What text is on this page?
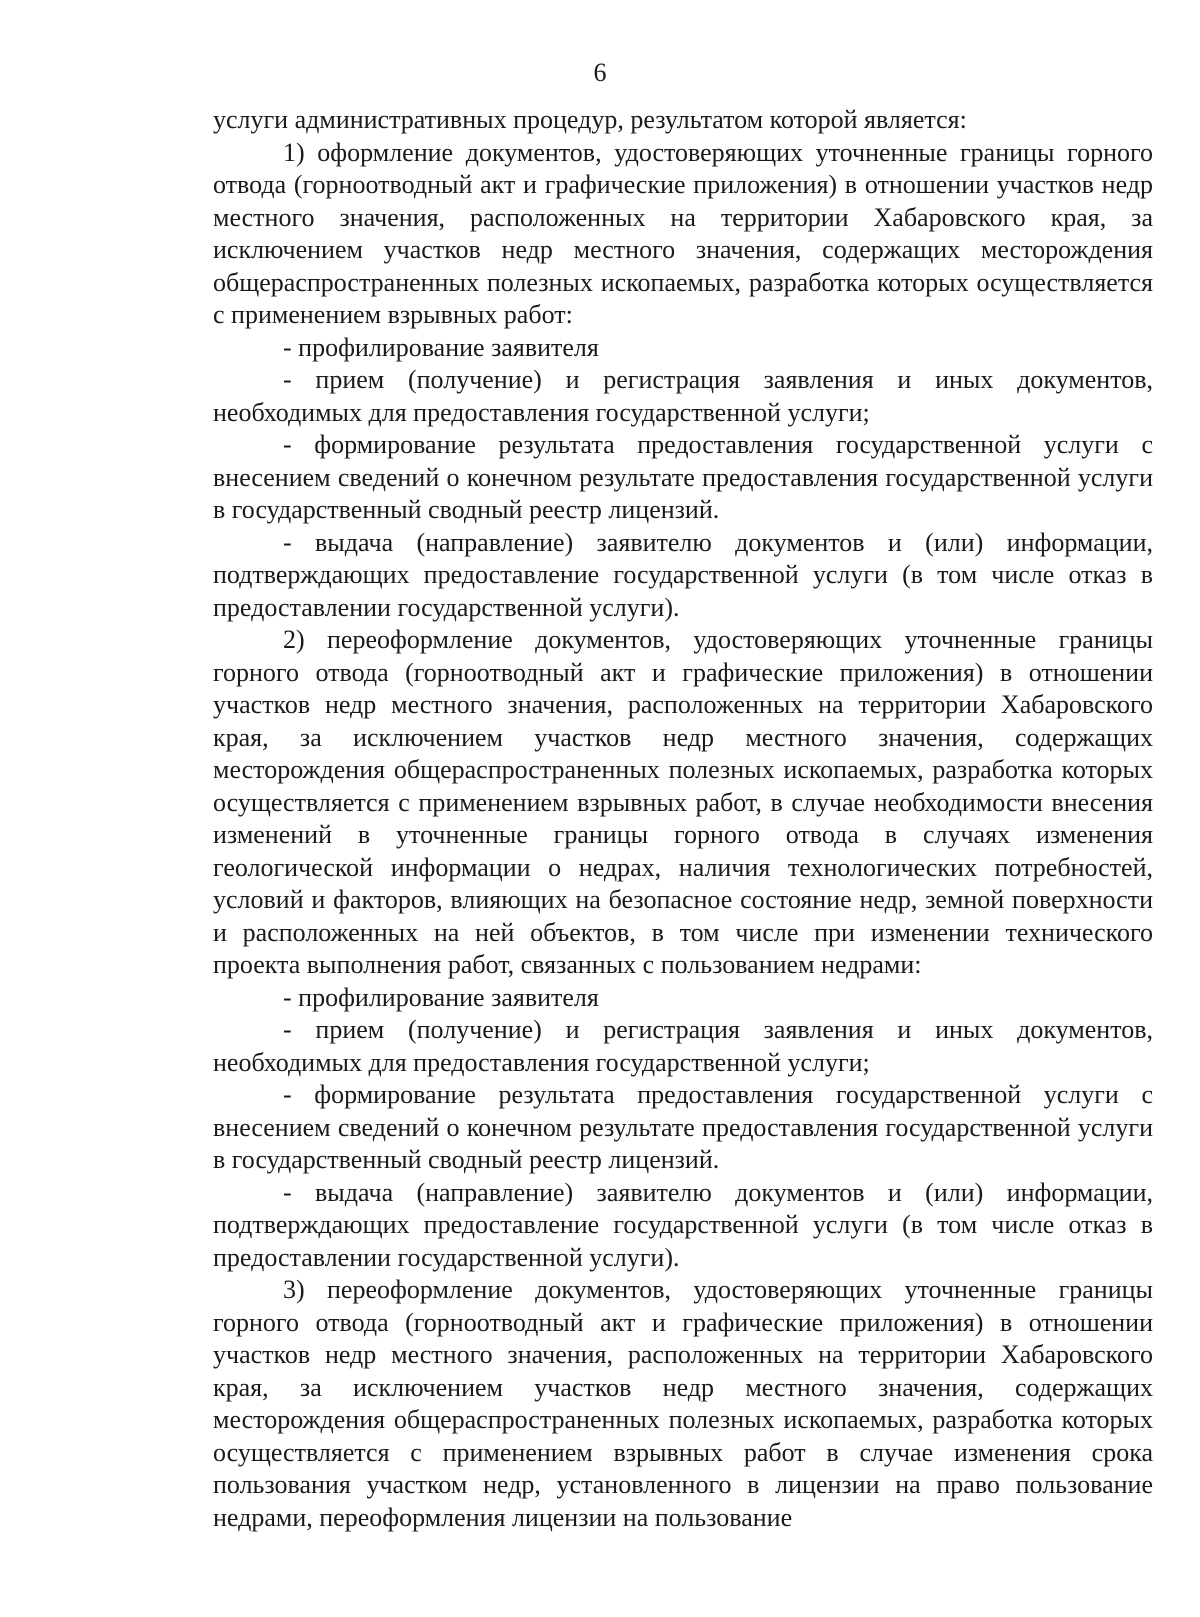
6

услуги административных процедур, результатом которой является:

1) оформление документов, удостоверяющих уточненные границы горного отвода (горноотводный акт и графические приложения) в отношении участков недр местного значения, расположенных на территории Хабаровского края, за исключением участков недр местного значения, содержащих месторождения общераспространенных полезных ископаемых, разработка которых осуществляется с применением взрывных работ:

- профилирование заявителя

- прием (получение) и регистрация заявления и иных документов, необходимых для предоставления государственной услуги;

- формирование результата предоставления государственной услуги с внесением сведений о конечном результате предоставления государственной услуги в государственный сводный реестр лицензий.

- выдача (направление) заявителю документов и (или) информации, подтверждающих предоставление государственной услуги (в том числе отказ в предоставлении государственной услуги).

2) переоформление документов, удостоверяющих уточненные границы горного отвода (горноотводный акт и графические приложения) в отношении участков недр местного значения, расположенных на территории Хабаровского края, за исключением участков недр местного значения, содержащих месторождения общераспространенных полезных ископаемых, разработка которых осуществляется с применением взрывных работ, в случае необходимости внесения изменений в уточненные границы горного отвода в случаях изменения геологической информации о недрах, наличия технологических потребностей, условий и факторов, влияющих на безопасное состояние недр, земной поверхности и расположенных на ней объектов, в том числе при изменении технического проекта выполнения работ, связанных с пользованием недрами:

- профилирование заявителя

- прием (получение) и регистрация заявления и иных документов, необходимых для предоставления государственной услуги;

- формирование результата предоставления государственной услуги с внесением сведений о конечном результате предоставления государственной услуги в государственный сводный реестр лицензий.

- выдача (направление) заявителю документов и (или) информации, подтверждающих предоставление государственной услуги (в том числе отказ в предоставлении государственной услуги).

3) переоформление документов, удостоверяющих уточненные границы горного отвода (горноотводный акт и графические приложения) в отношении участков недр местного значения, расположенных на территории Хабаровского края, за исключением участков недр местного значения, содержащих месторождения общераспространенных полезных ископаемых, разработка которых осуществляется с применением взрывных работ в случае изменения срока пользования участком недр, установленного в лицензии на право пользование недрами, переоформления лицензии на пользование
